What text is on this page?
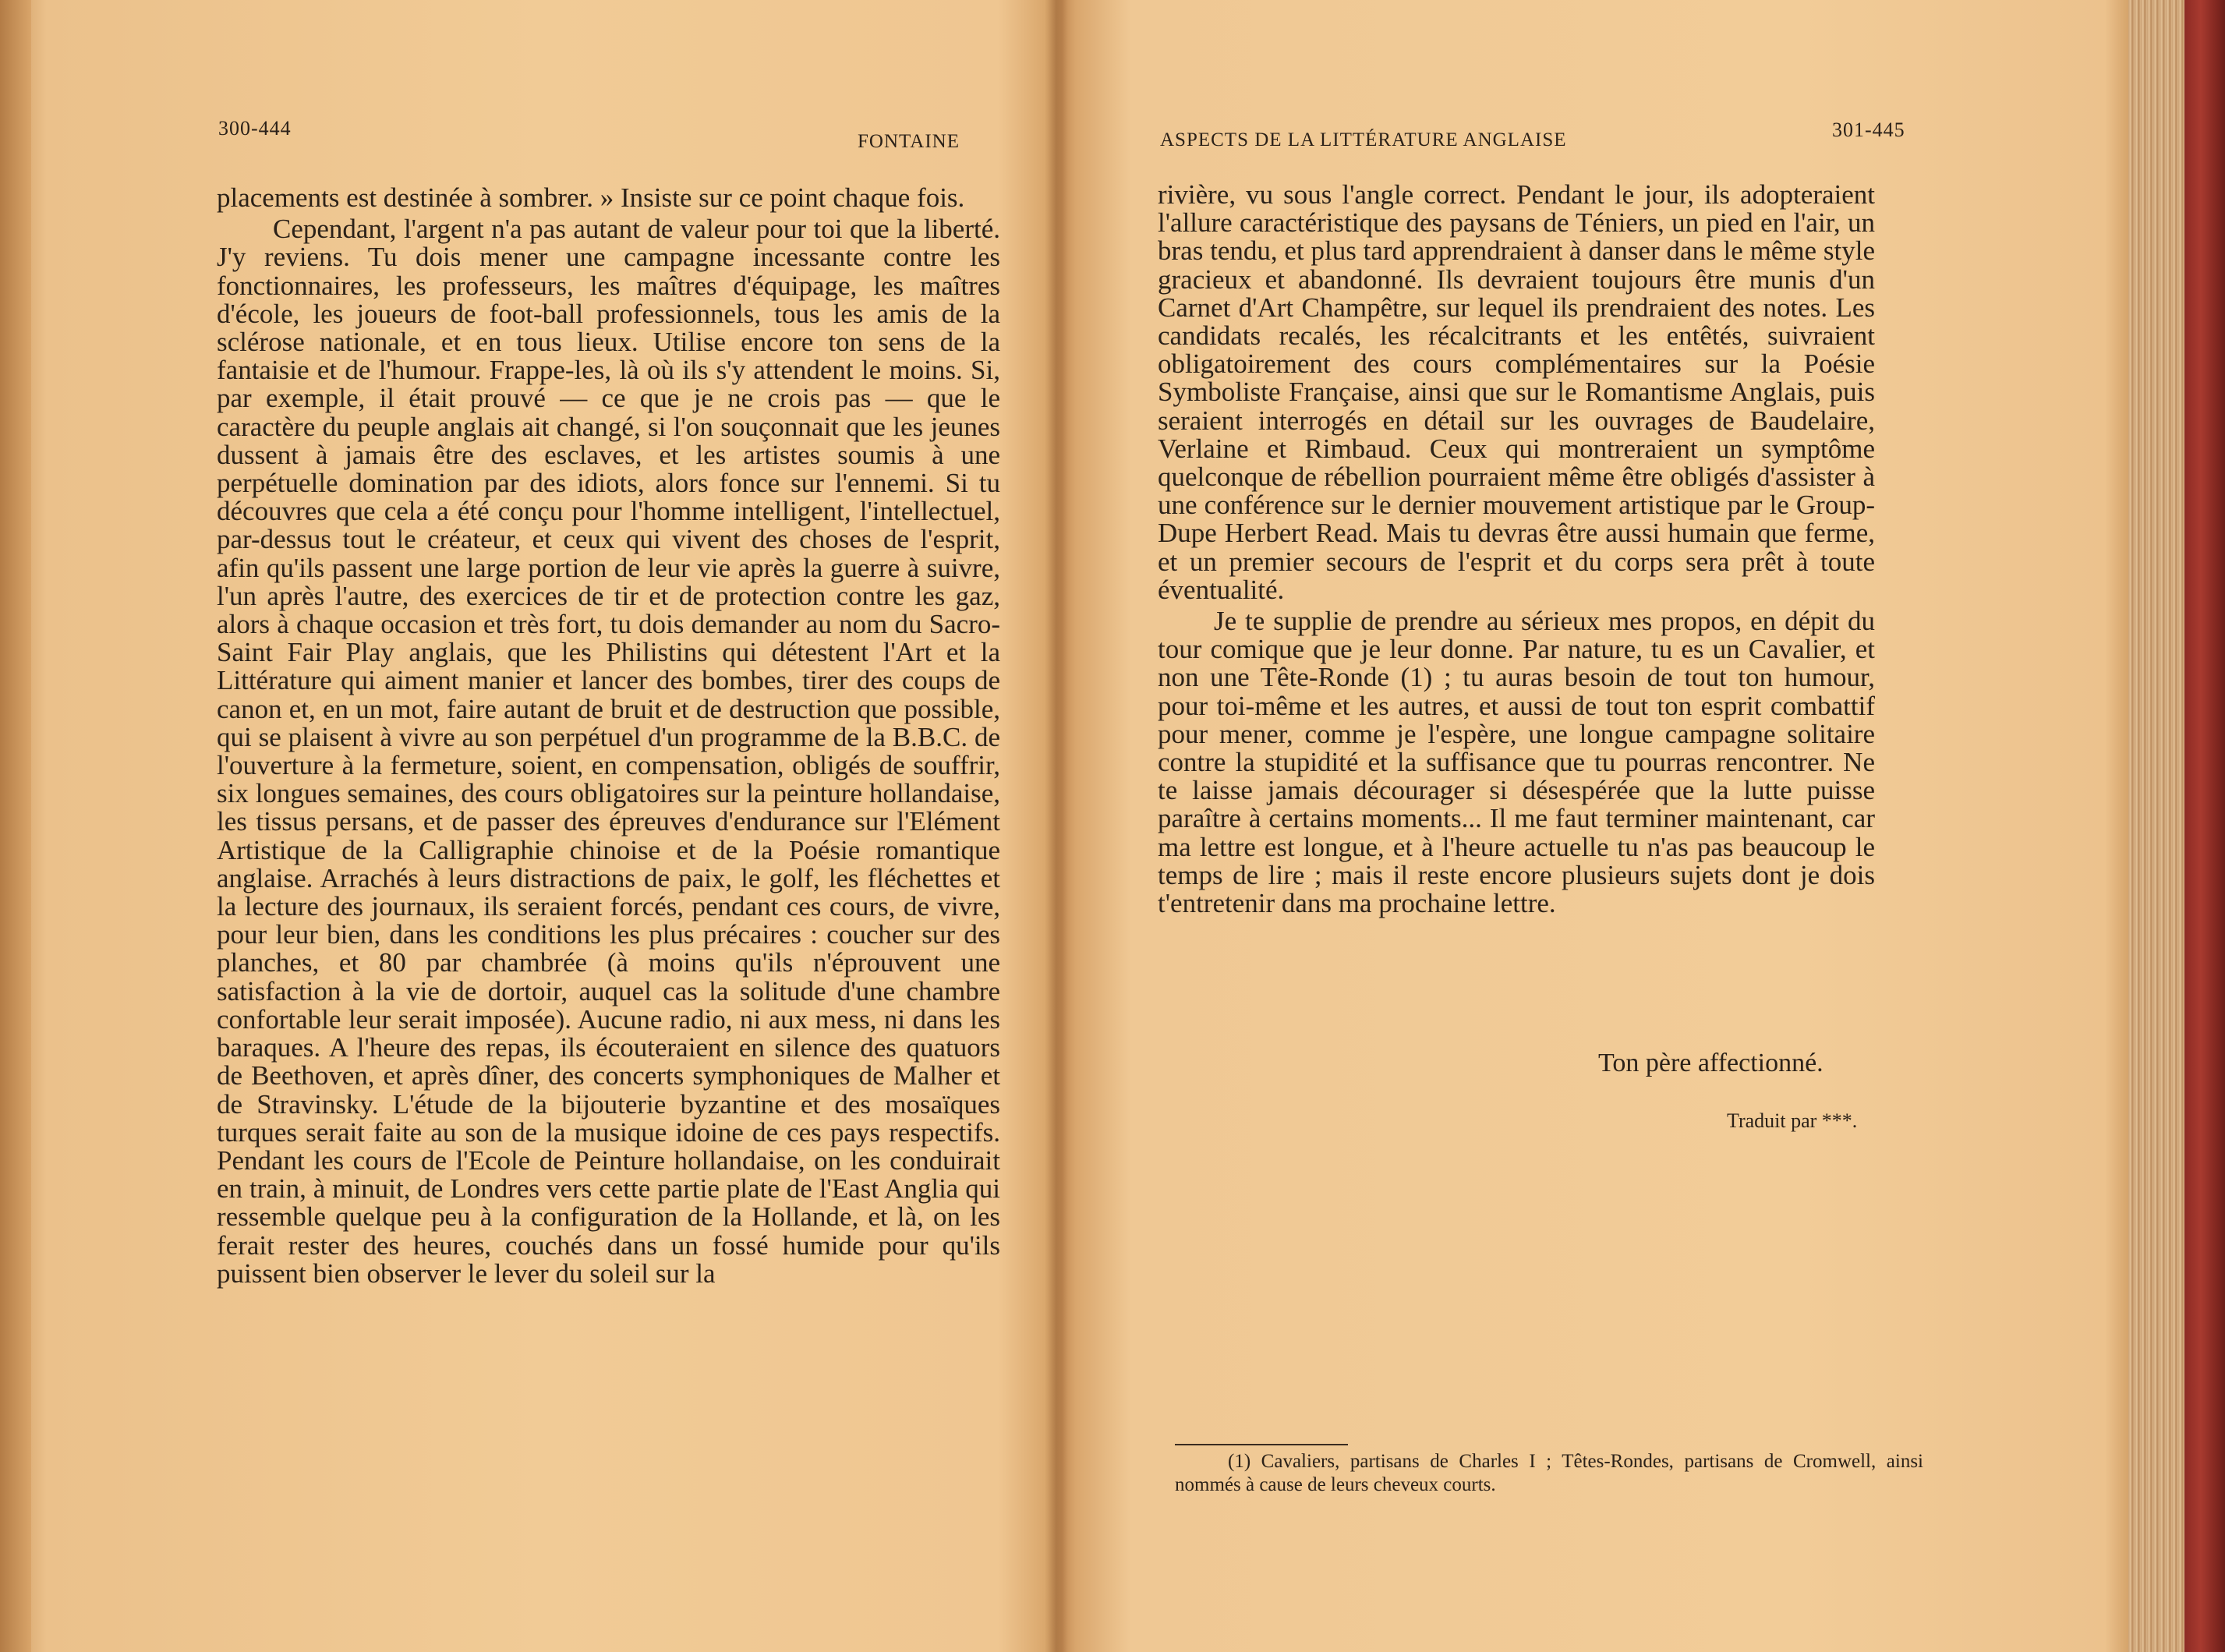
300-444
FONTAINE

placements est destinée à sombrer. » Insiste sur ce point chaque fois.

Cependant, l'argent n'a pas autant de valeur pour toi que la liberté. J'y reviens. Tu dois mener une campagne incessante contre les fonctionnaires, les professeurs, les maîtres d'équipage, les maîtres d'école, les joueurs de foot-ball professionnels, tous les amis de la sclérose nationale, et en tous lieux. Utilise encore ton sens de la fantaisie et de l'humour. Frappe-les, là où ils s'y attendent le moins. Si, par exemple, il était prouvé — ce que je ne crois pas — que le caractère du peuple anglais ait changé, si l'on souçonnait que les jeunes dussent à jamais être des esclaves, et les artistes soumis à une perpétuelle domination par des idiots, alors fonce sur l'ennemi. Si tu découvres que cela a été conçu pour l'homme intelligent, l'intellectuel, par-dessus tout le créateur, et ceux qui vivent des choses de l'esprit, afin qu'ils passent une large portion de leur vie après la guerre à suivre, l'un après l'autre, des exercices de tir et de protection contre les gaz, alors à chaque occasion et très fort, tu dois demander au nom du Sacro-Saint Fair Play anglais, que les Philistins qui détestent l'Art et la Littérature qui aiment manier et lancer des bombes, tirer des coups de canon et, en un mot, faire autant de bruit et de destruction que possible, qui se plaisent à vivre au son perpétuel d'un programme de la B.B.C. de l'ouverture à la fermeture, soient, en compensation, obligés de souffrir, six longues semaines, des cours obligatoires sur la peinture hollandaise, les tissus persans, et de passer des épreuves d'endurance sur l'Elément Artistique de la Calligraphie chinoise et de la Poésie romantique anglaise. Arrachés à leurs distractions de paix, le golf, les fléchettes et la lecture des journaux, ils seraient forcés, pendant ces cours, de vivre, pour leur bien, dans les conditions les plus précaires : coucher sur des planches, et 80 par chambrée (à moins qu'ils n'éprouvent une satisfaction à la vie de dortoir, auquel cas la solitude d'une chambre confortable leur serait imposée). Aucune radio, ni aux mess, ni dans les baraques. A l'heure des repas, ils écouteraient en silence des quatuors de Beethoven, et après dîner, des concerts symphoniques de Malher et de Stravinsky. L'étude de la bijouterie byzantine et des mosaïques turques serait faite au son de la musique idoine de ces pays respectifs. Pendant les cours de l'Ecole de Peinture hollandaise, on les conduirait en train, à minuit, de Londres vers cette partie plate de l'East Anglia qui ressemble quelque peu à la configuration de la Hollande, et là, on les ferait rester des heures, couchés dans un fossé humide pour qu'ils puissent bien observer le lever du soleil sur la

ASPECTS DE LA LITTÉRATURE ANGLAISE	301-445

rivière, vu sous l'angle correct. Pendant le jour, ils adopteraient l'allure caractéristique des paysans de Téniers, un pied en l'air, un bras tendu, et plus tard apprendraient à danser dans le même style gracieux et abandonné. Ils devraient toujours être munis d'un Carnet d'Art Champêtre, sur lequel ils prendraient des notes. Les candidats recalés, les récalcitrants et les entêtés, suivraient obligatoirement des cours complémentaires sur la Poésie Symboliste Française, ainsi que sur le Romantisme Anglais, puis seraient interrogés en détail sur les ouvrages de Baudelaire, Verlaine et Rimbaud. Ceux qui montreraient un symptôme quelconque de rébellion pourraient même être obligés d'assister à une conférence sur le dernier mouvement artistique par le Group-Dupe Herbert Read. Mais tu devras être aussi humain que ferme, et un premier secours de l'esprit et du corps sera prêt à toute éventualité.

Je te supplie de prendre au sérieux mes propos, en dépit du tour comique que je leur donne. Par nature, tu es un Cavalier, et non une Tête-Ronde (1) ; tu auras besoin de tout ton humour, pour toi-même et les autres, et aussi de tout ton esprit combattif pour mener, comme je l'espère, une longue campagne solitaire contre la stupidité et la suffisance que tu pourras rencontrer. Ne te laisse jamais décourager si désespérée que la lutte puisse paraître à certains moments... Il me faut terminer maintenant, car ma lettre est longue, et à l'heure actuelle tu n'as pas beaucoup le temps de lire ; mais il reste encore plusieurs sujets dont je dois t'entretenir dans ma prochaine lettre.

Ton père affectionné.
Traduit par ***.
(1) Cavaliers, partisans de Charles I ; Têtes-Rondes, partisans de Cromwell, ainsi nommés à cause de leurs cheveux courts.
